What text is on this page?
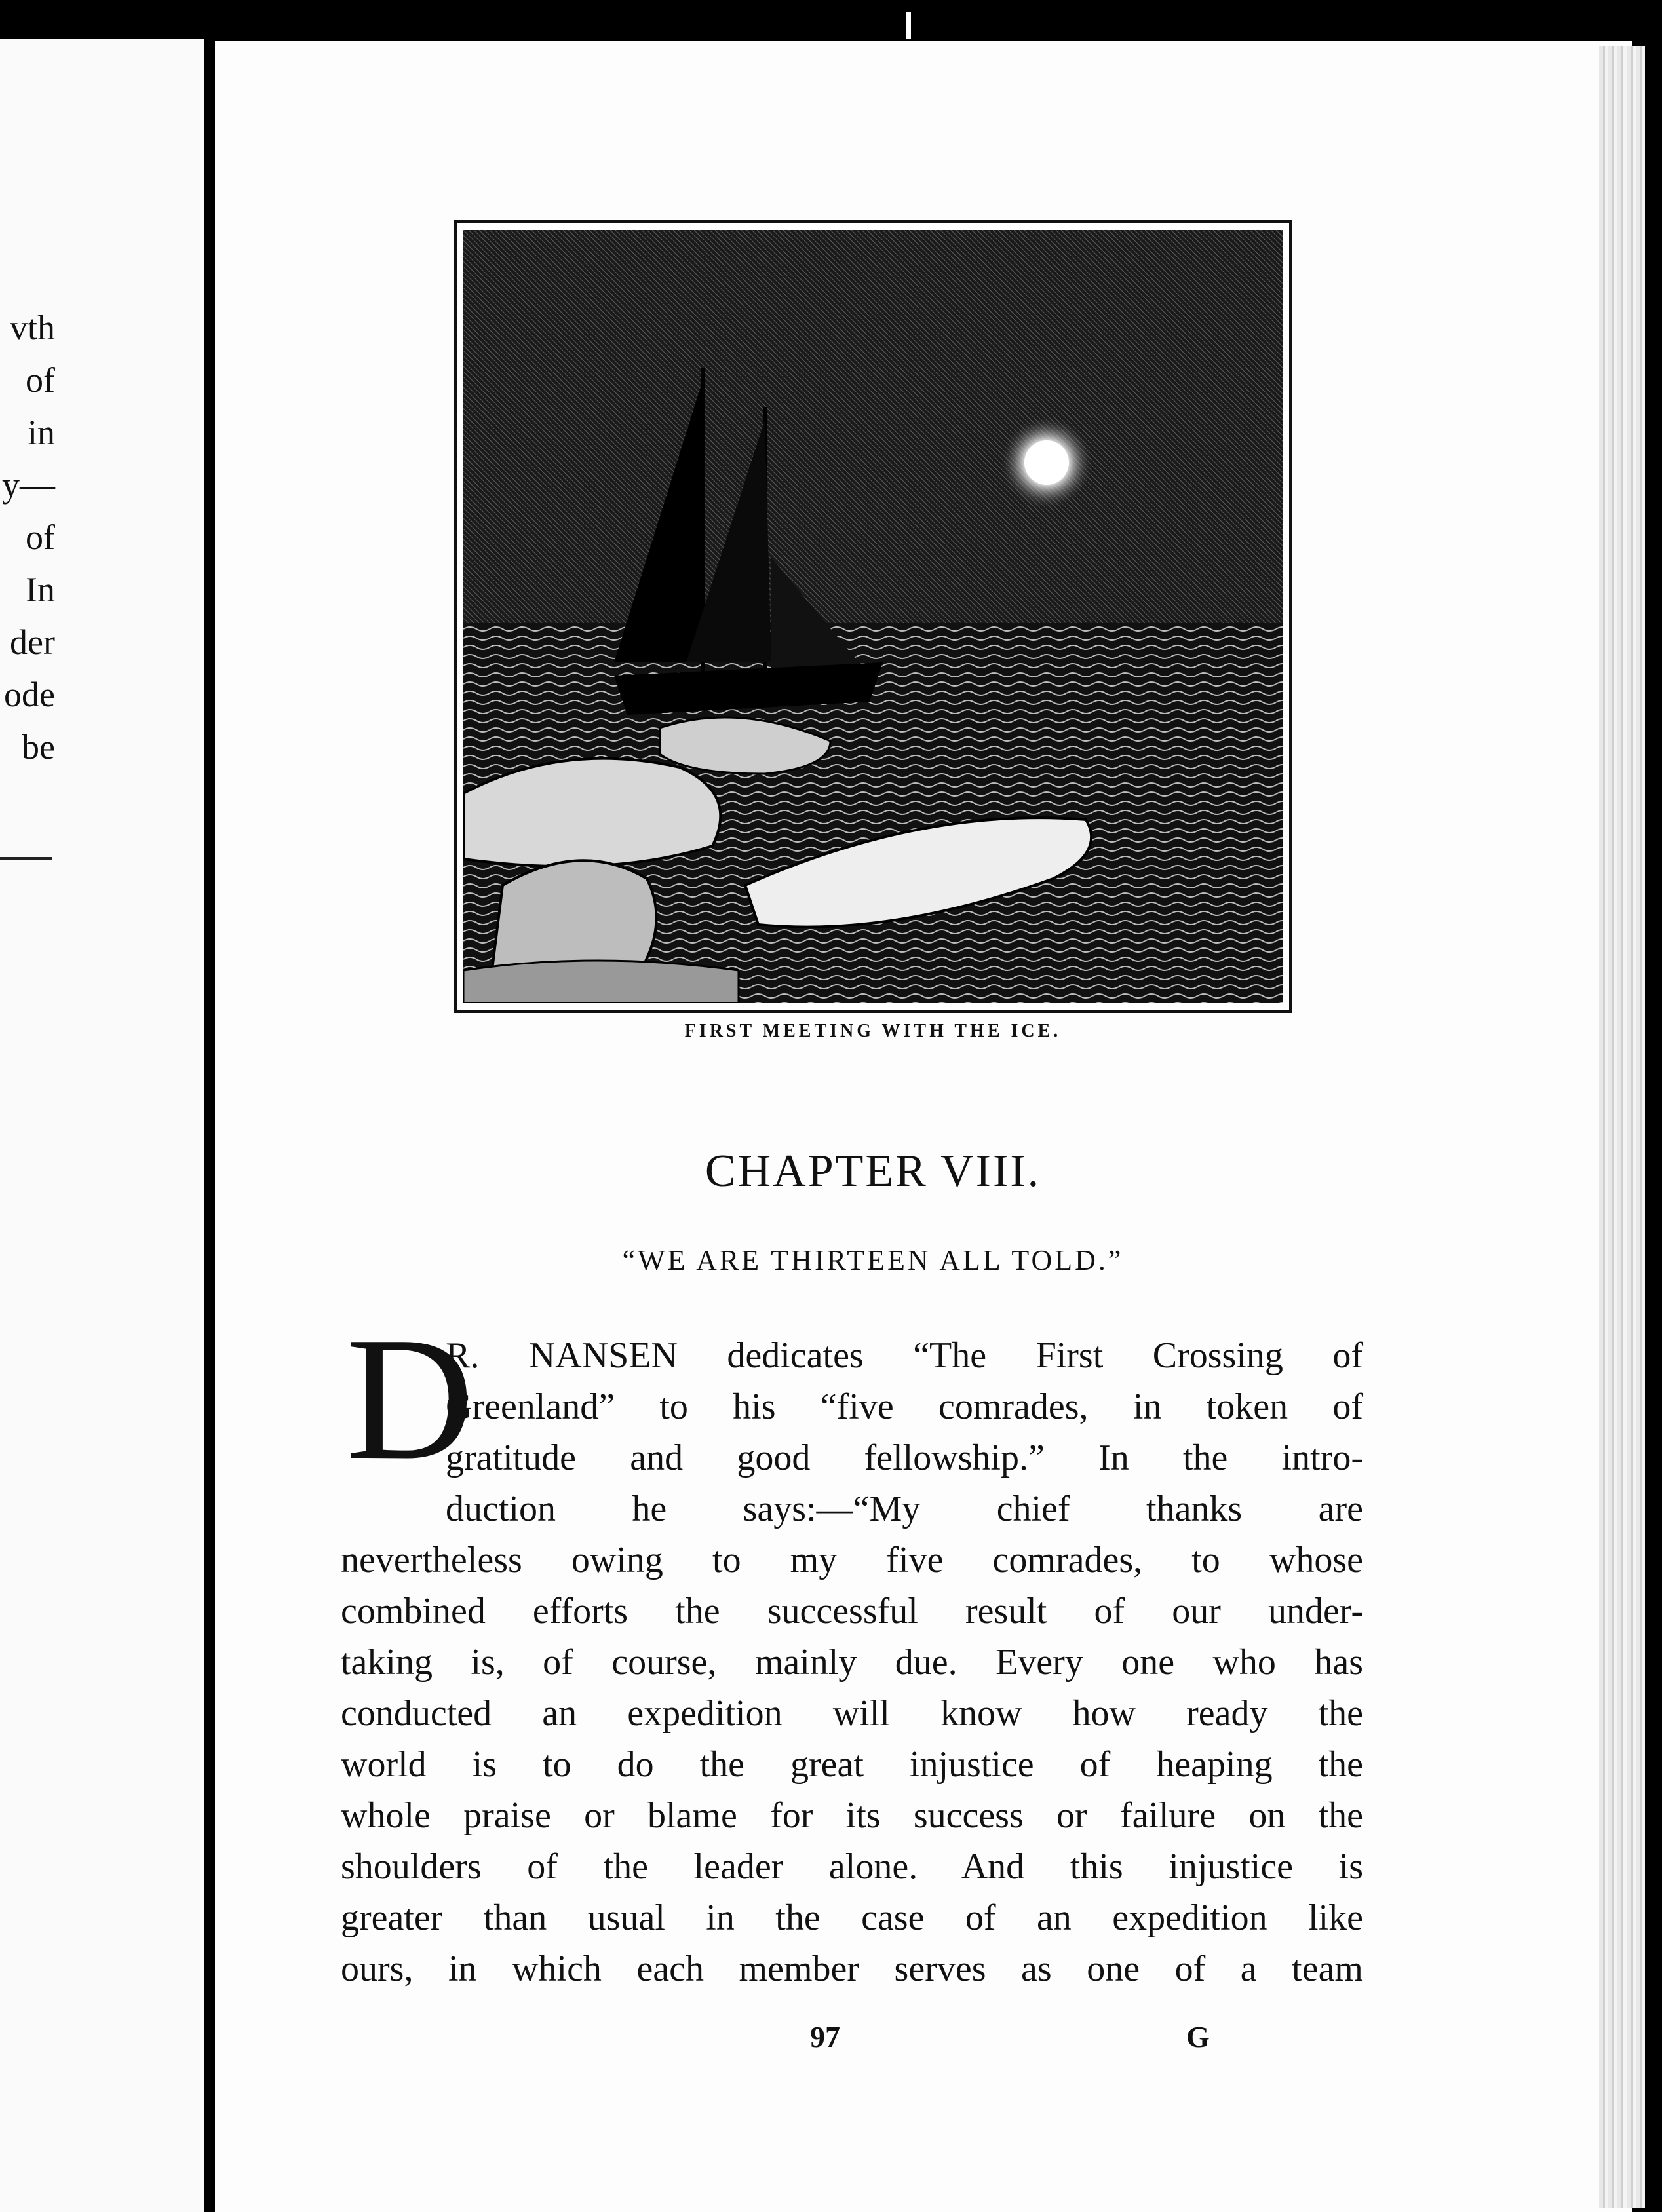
vth
of
in
y—
of
In
der
ode
be
FIRST MEETING WITH THE ICE.
CHAPTER VIII.
“WE ARE THIRTEEN ALL TOLD.”
D
R. NANSEN dedicates “The First Crossing of
Greenland” to his “five comrades, in token of
gratitude and good fellowship.” In the intro-
duction he says:—“My chief thanks are
nevertheless owing to my five comrades, to whose
combined efforts the successful result of our under-
taking is, of course, mainly due. Every one who has
conducted an expedition will know how ready the
world is to do the great injustice of heaping the
whole praise or blame for its success or failure on the
shoulders of the leader alone. And this injustice is
greater than usual in the case of an expedition like
ours, in which each member serves as one of a team
97	G
